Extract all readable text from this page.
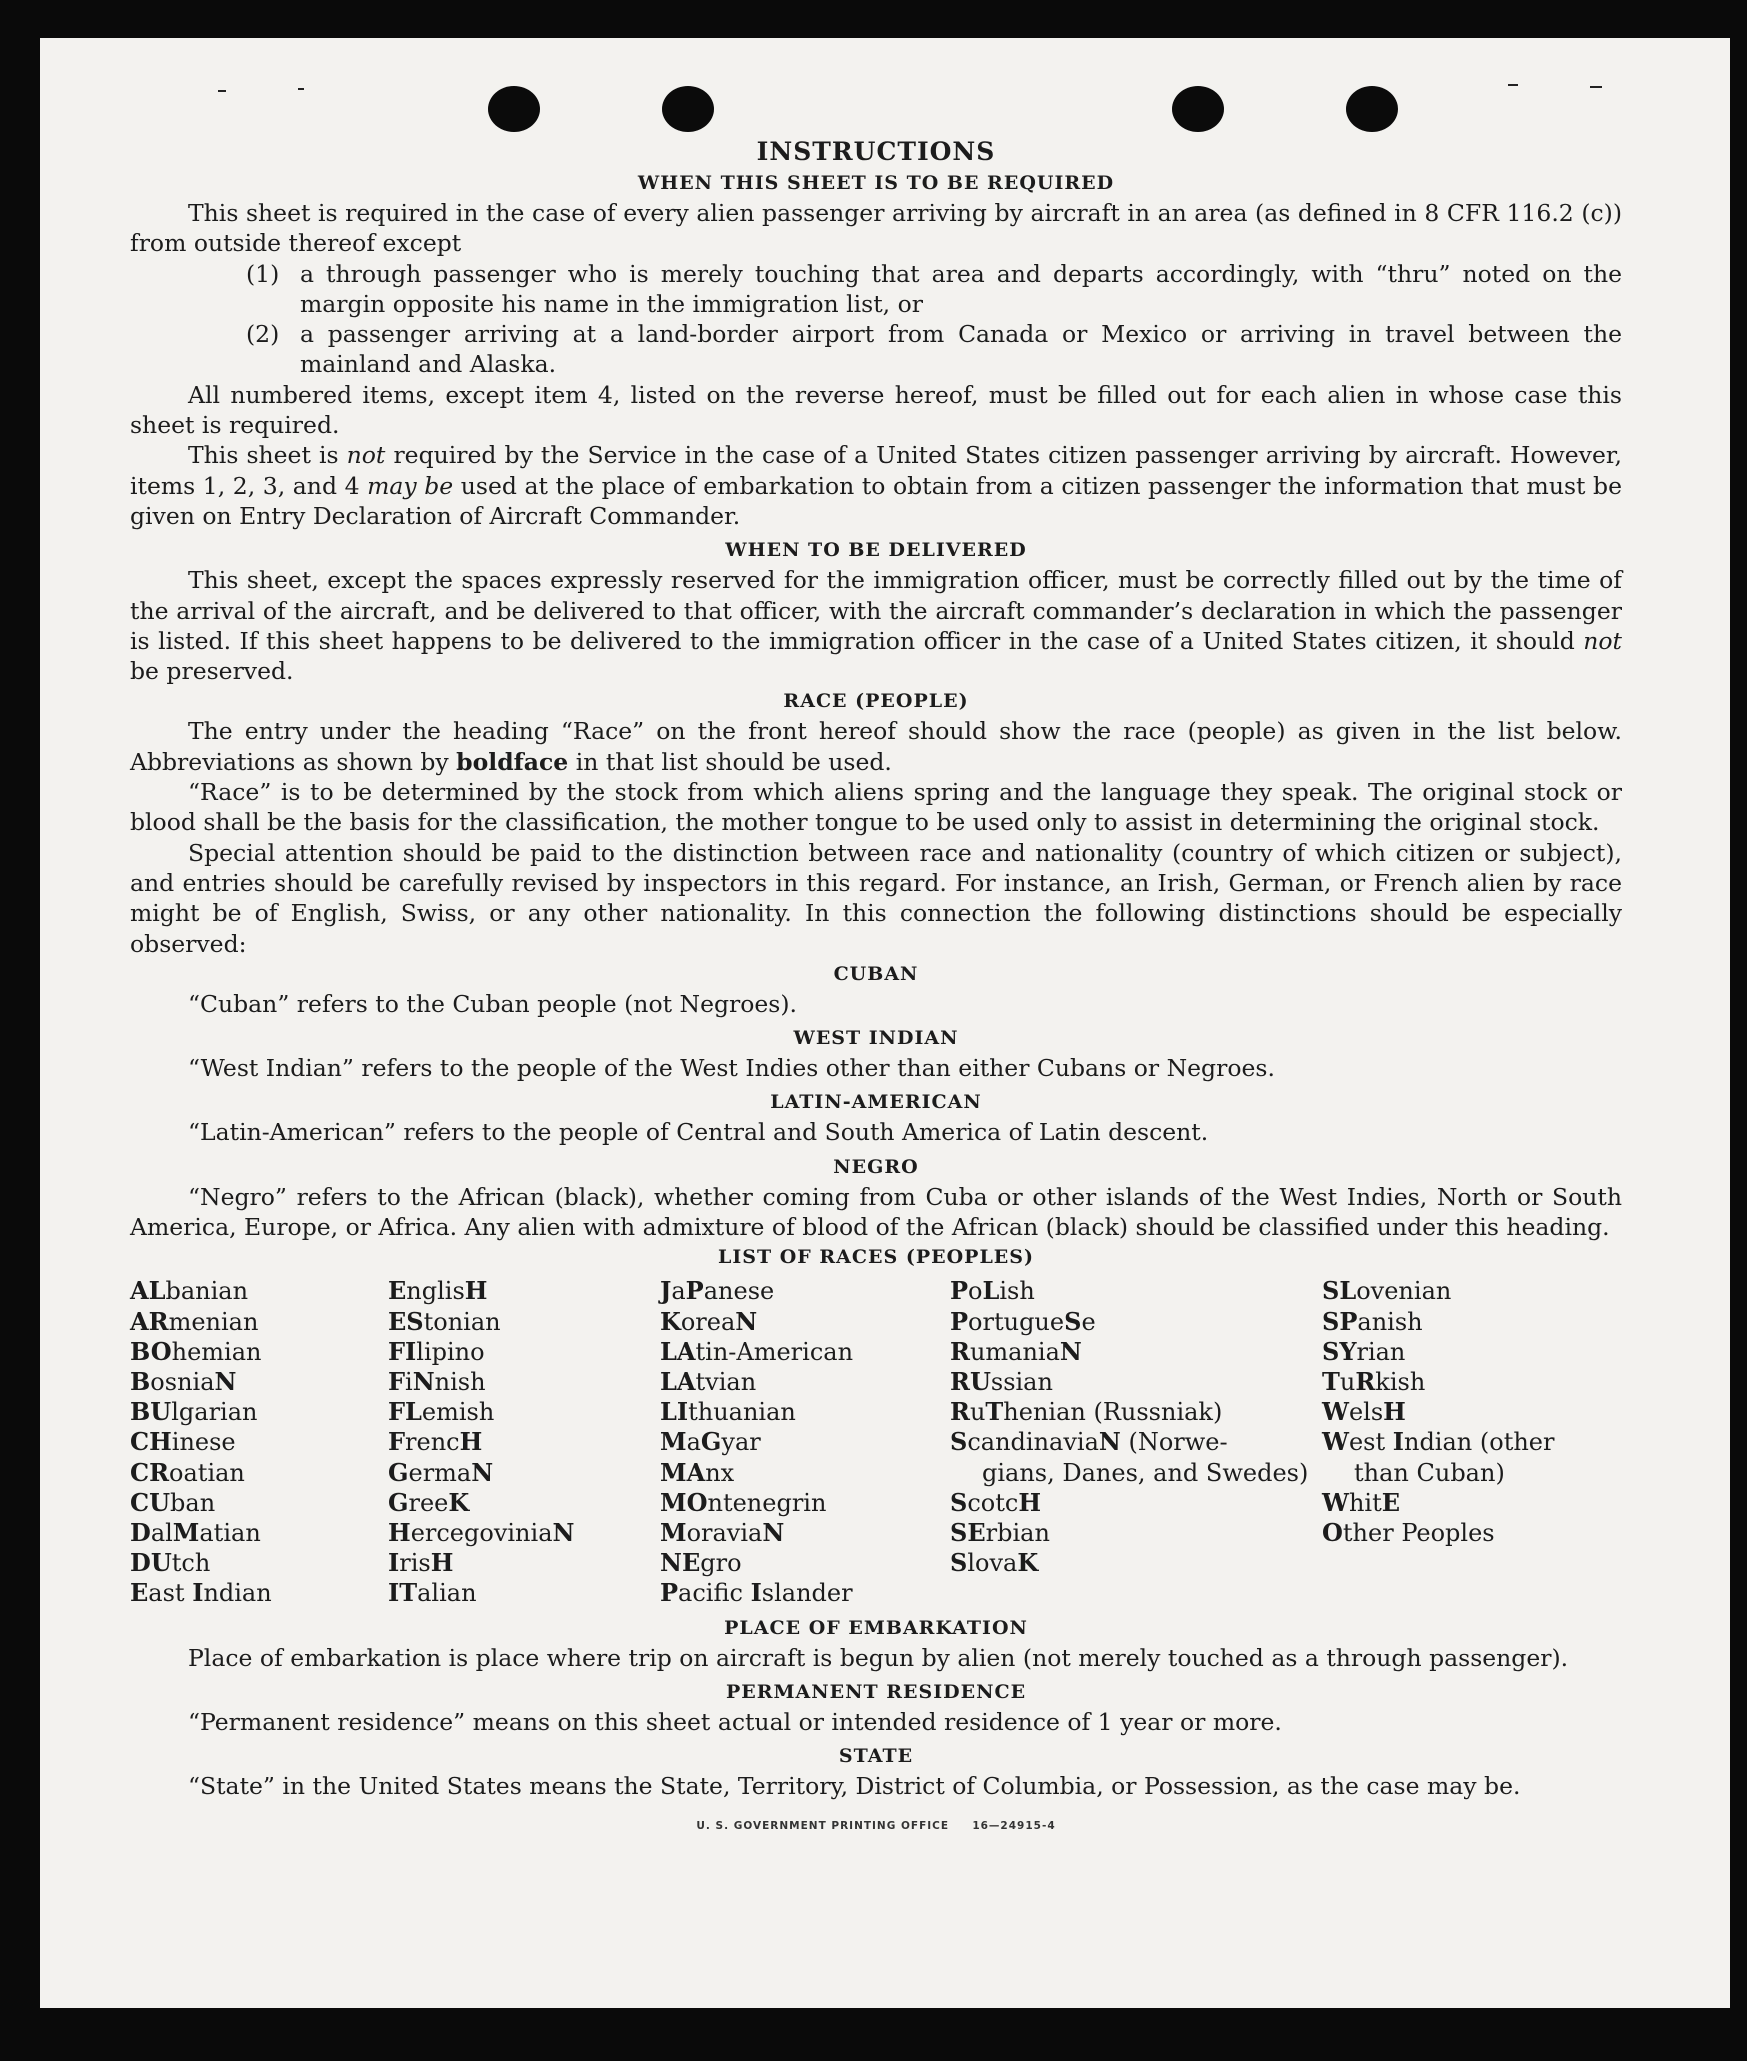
INSTRUCTIONS
WHEN THIS SHEET IS TO BE REQUIRED

This sheet is required in the case of every alien passenger arriving by aircraft in an area (as defined in 8 CFR 116.2 (c)) from outside thereof except

(1) a through passenger who is merely touching that area and departs accordingly, with “thru” noted on the margin opposite his name in the immigration list, or
(2) a passenger arriving at a land-border airport from Canada or Mexico or arriving in travel between the mainland and Alaska.

All numbered items, except item 4, listed on the reverse hereof, must be filled out for each alien in whose case this sheet is required.

This sheet is not required by the Service in the case of a United States citizen passenger arriving by aircraft. However, items 1, 2, 3, and 4 may be used at the place of embarkation to obtain from a citizen passenger the information that must be given on Entry Declaration of Aircraft Commander.

WHEN TO BE DELIVERED

This sheet, except the spaces expressly reserved for the immigration officer, must be correctly filled out by the time of the arrival of the aircraft, and be delivered to that officer, with the aircraft commander’s declaration in which the passenger is listed. If this sheet happens to be delivered to the immigration officer in the case of a United States citizen, it should not be preserved.

RACE (PEOPLE)

The entry under the heading “Race” on the front hereof should show the race (people) as given in the list below. Abbreviations as shown by boldface in that list should be used.

“Race” is to be determined by the stock from which aliens spring and the language they speak. The original stock or blood shall be the basis for the classification, the mother tongue to be used only to assist in determining the original stock.

Special attention should be paid to the distinction between race and nationality (country of which citizen or subject), and entries should be carefully revised by inspectors in this regard. For instance, an Irish, German, or French alien by race might be of English, Swiss, or any other nationality. In this connection the following distinctions should be especially observed:

CUBAN

“Cuban” refers to the Cuban people (not Negroes).

WEST INDIAN

“West Indian” refers to the people of the West Indies other than either Cubans or Negroes.

LATIN-AMERICAN

“Latin-American” refers to the people of Central and South America of Latin descent.

NEGRO

“Negro” refers to the African (black), whether coming from Cuba or other islands of the West Indies, North or South America, Europe, or Africa. Any alien with admixture of blood of the African (black) should be classified under this heading.

LIST OF RACES (PEOPLES)
ALbanian
ARmenian
BOhemian
BosniaN
BUlgarian
CHinese
CRoatian
CUban
DalMatian
DUtch
East Indian
EnglisH
EStonian
FIlipino
FiNnish
FLemish
FrencH
GermaN
GreeK
HercegoviniaN
IrisH
ITalian
JaPanese
KoreaN
LAtin-American
LAtvian
LIthuanian
MaGyar
MAnx
MOntenegrin
MoraviaN
NEgro
Pacific Islander
PoLish
PortugueSe
RumaniaN
RUssian
RuThenian (Russniak)
ScandinaviaN (Norwe-
gians, Danes, and Swedes)
ScotcH
SErbian
SlovaK
SLovenian
SPanish
SYrian
TuRkish
WelsH
West Indian (other
than Cuban)
WhitE
Other Peoples
PLACE OF EMBARKATION

Place of embarkation is place where trip on aircraft is begun by alien (not merely touched as a through passenger).

PERMANENT RESIDENCE

“Permanent residence” means on this sheet actual or intended residence of 1 year or more.

STATE

“State” in the United States means the State, Territory, District of Columbia, or Possession, as the case may be.

U. S. GOVERNMENT PRINTING OFFICE     16—24915-4
